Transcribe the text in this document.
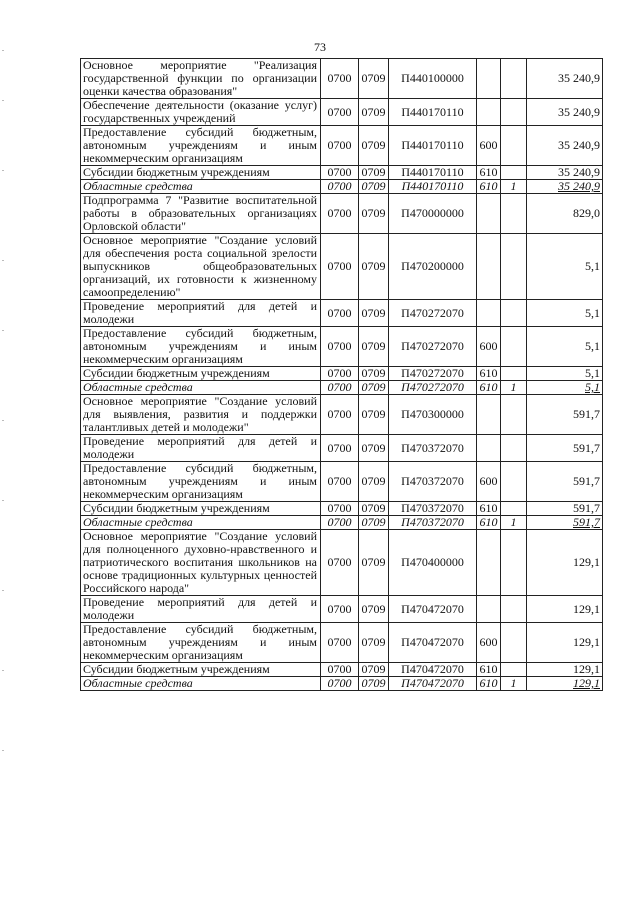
73
Основное мероприятие "Реализация государственной функции по организации оценки качества образования"	0700	0709	П440100000			35 240,9
Обеспечение деятельности (оказание услуг) государственных учреждений	0700	0709	П440170110			35 240,9
Предоставление субсидий бюджетным, автономным учреждениям и иным некоммерческим организациям	0700	0709	П440170110	600		35 240,9
Субсидии бюджетным учреждениям	0700	0709	П440170110	610		35 240,9
Областные средства	0700	0709	П440170110	610	1	35 240,9
Подпрограмма 7 "Развитие воспитательной работы в образовательных организациях Орловской области"	0700	0709	П470000000			829,0
Основное мероприятие "Создание условий для обеспечения роста социальной зрелости выпускников общеобразовательных организаций, их готовности к жизненному самоопределению"	0700	0709	П470200000			5,1
Проведение мероприятий для детей и молодежи	0700	0709	П470272070			5,1
Предоставление субсидий бюджетным, автономным учреждениям и иным некоммерческим организациям	0700	0709	П470272070	600		5,1
Субсидии бюджетным учреждениям	0700	0709	П470272070	610		5,1
Областные средства	0700	0709	П470272070	610	1	5,1
Основное мероприятие "Создание условий для выявления, развития и поддержки талантливых детей и молодежи"	0700	0709	П470300000			591,7
Проведение мероприятий для детей и молодежи	0700	0709	П470372070			591,7
Предоставление субсидий бюджетным, автономным учреждениям и иным некоммерческим организациям	0700	0709	П470372070	600		591,7
Субсидии бюджетным учреждениям	0700	0709	П470372070	610		591,7
Областные средства	0700	0709	П470372070	610	1	591,7
Основное мероприятие "Создание условий для полноценного духовно-нравственного и патриотического воспитания школьников на основе традиционных культурных ценностей Российского народа"	0700	0709	П470400000			129,1
Проведение мероприятий для детей и молодежи	0700	0709	П470472070			129,1
Предоставление субсидий бюджетным, автономным учреждениям и иным некоммерческим организациям	0700	0709	П470472070	600		129,1
Субсидии бюджетным учреждениям	0700	0709	П470472070	610		129,1
Областные средства	0700	0709	П470472070	610	1	129,1
